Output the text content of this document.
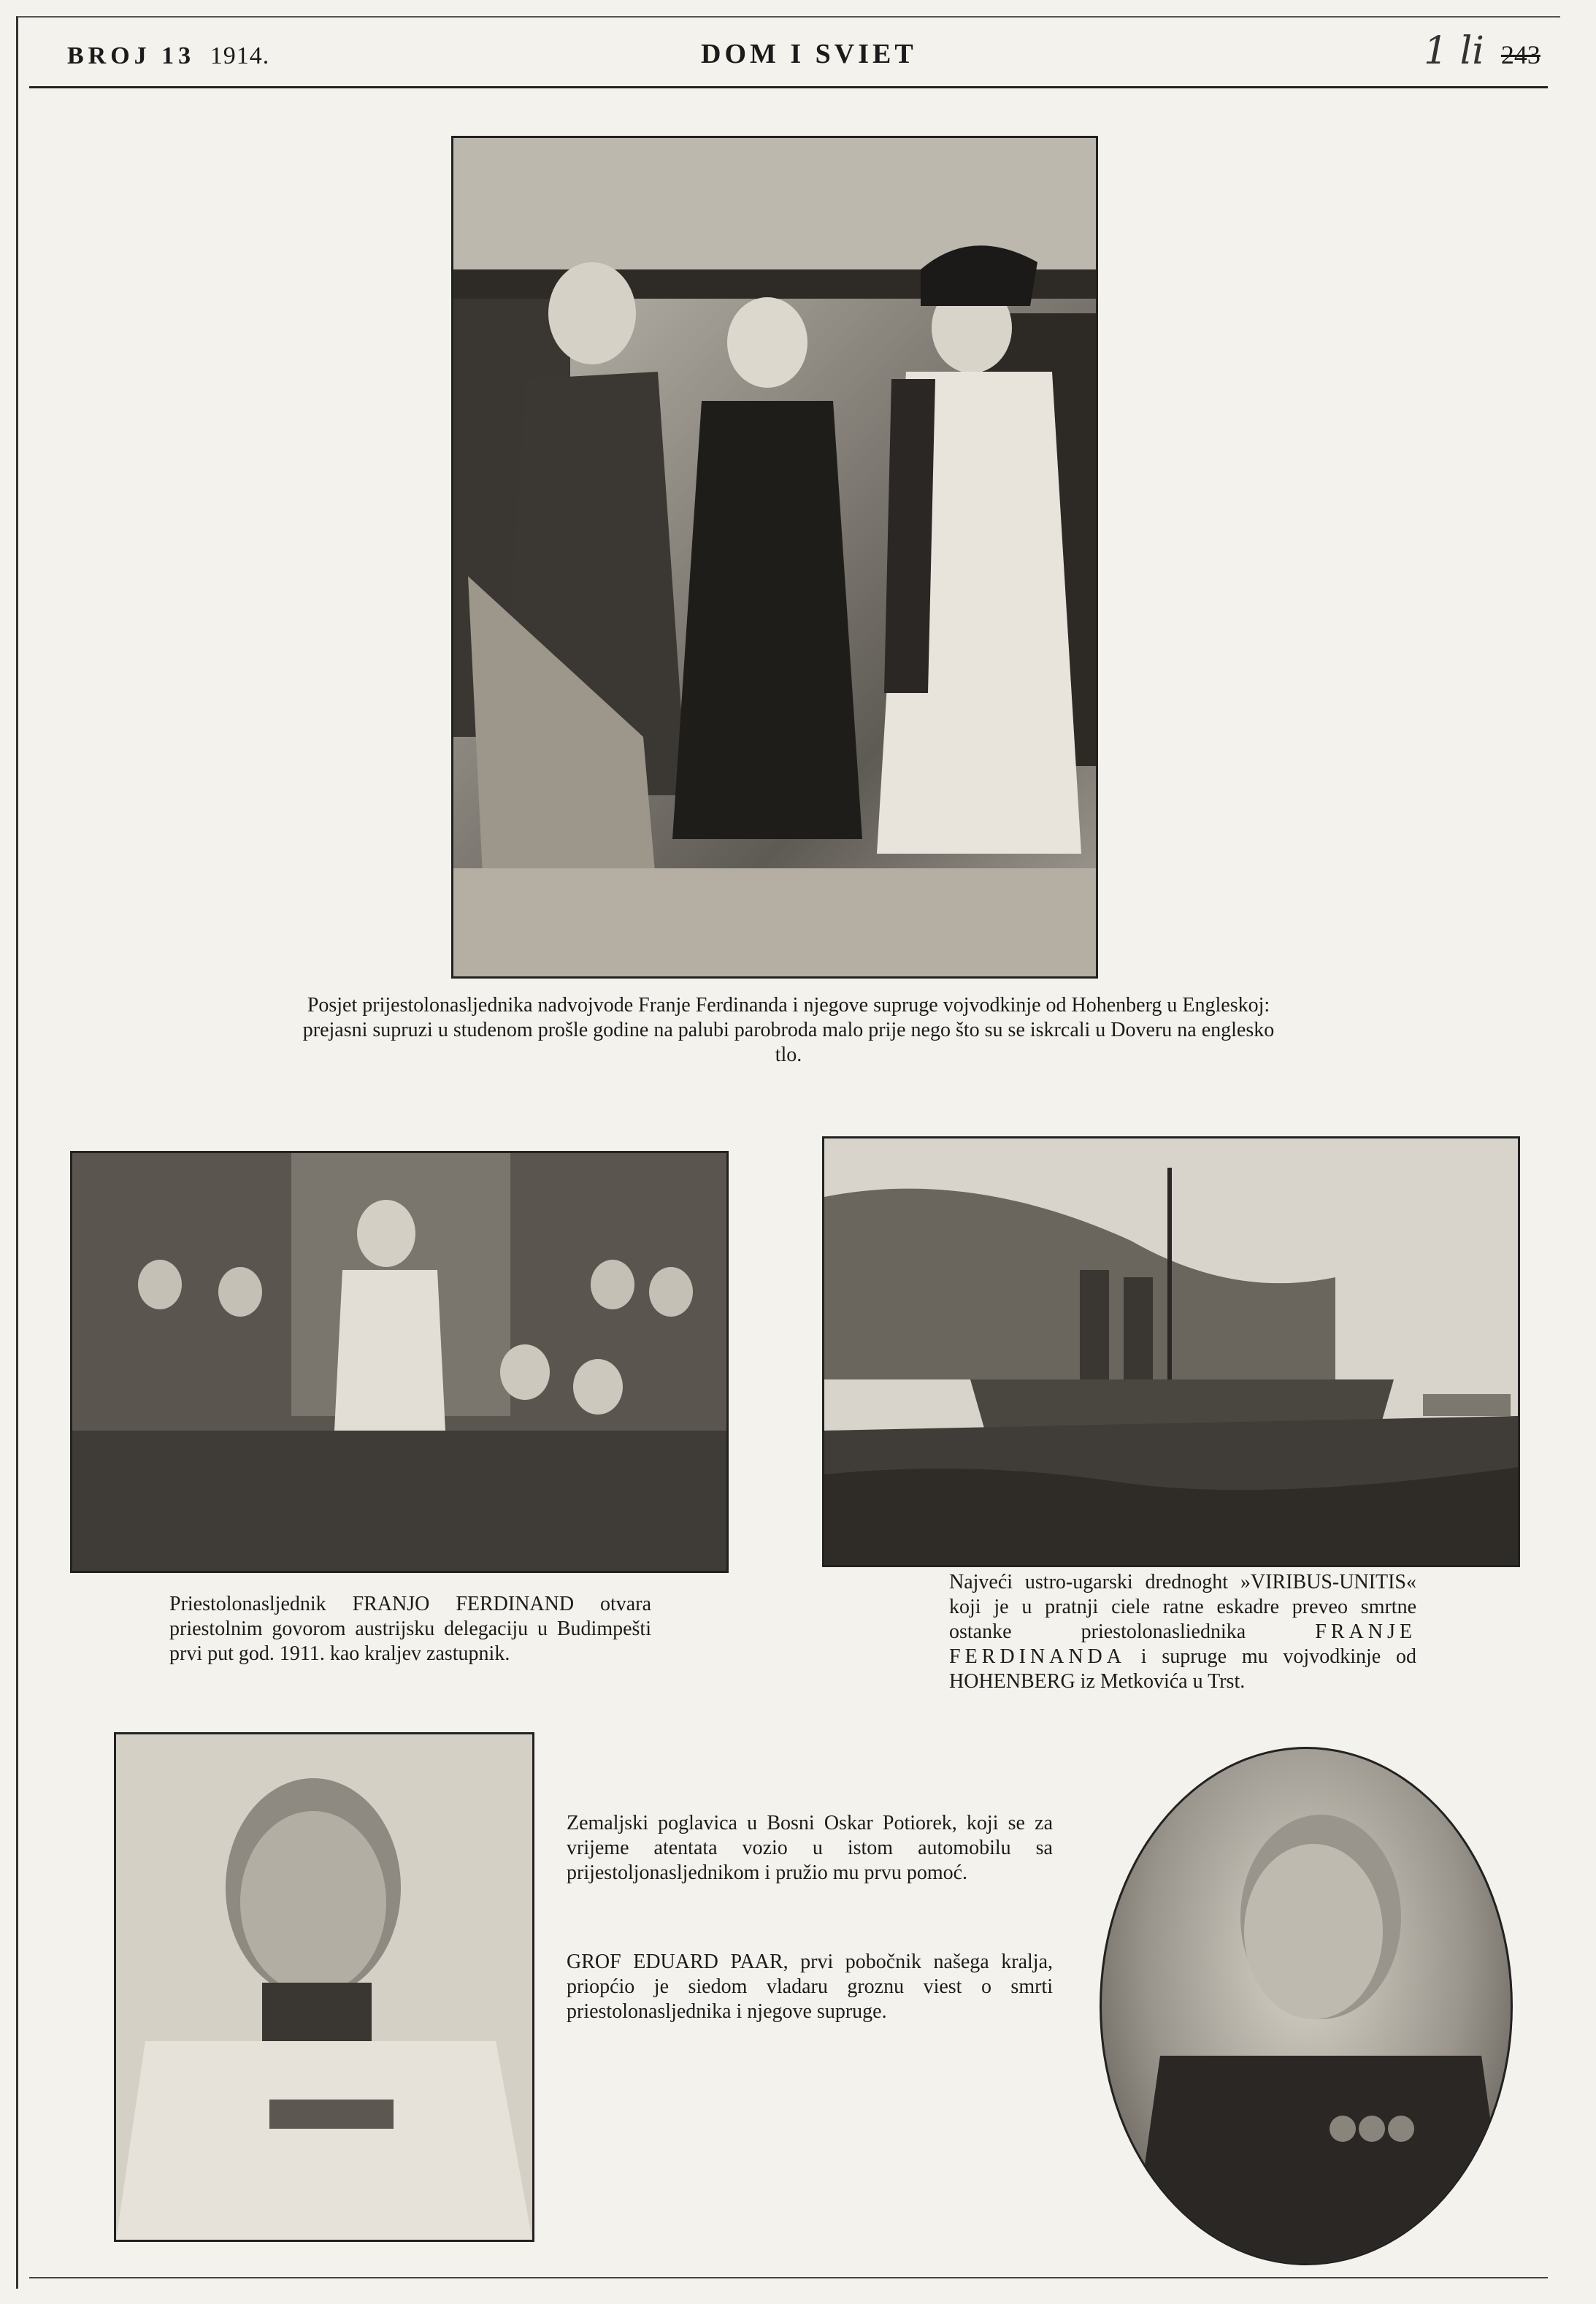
BROJ 13 1914.	DOM I SVIET	1 li 243
Posjet prijestolonasljednika nadvojvode Franje Ferdinanda i njegove supruge vojvodkinje od Hohenberg u Engleskoj: prejasni supruzi u studenom prošle godine na palubi parobroda malo prije nego što su se iskrcali u Doveru na englesko tlo.
Priestolonasljednik FRANJO FERDINAND otvara priestolnim govorom austrijsku delegaciju u Budimpešti prvi put god. 1911. kao kraljev zastupnik.
Najveći ustro-ugarski drednoght »VIRIBUS-UNITIS« koji je u pratnji ciele ratne eskadre preveo smrtne ostanke priestolonasliednika FRANJE FERDINANDA i supruge mu vojvodkinje od HOHENBERG iz Metkovića u Trst.
Zemaljski poglavica u Bosni Oskar Potiorek, koji se za vrijeme atentata vozio u istom automobilu sa prijestoljonasljednikom i pružio mu prvu pomoć.
GROF EDUARD PAAR, prvi pobočnik našega kralja, priopćio je siedom vladaru groznu viest o smrti priestolonasljednika i njegove supruge.
